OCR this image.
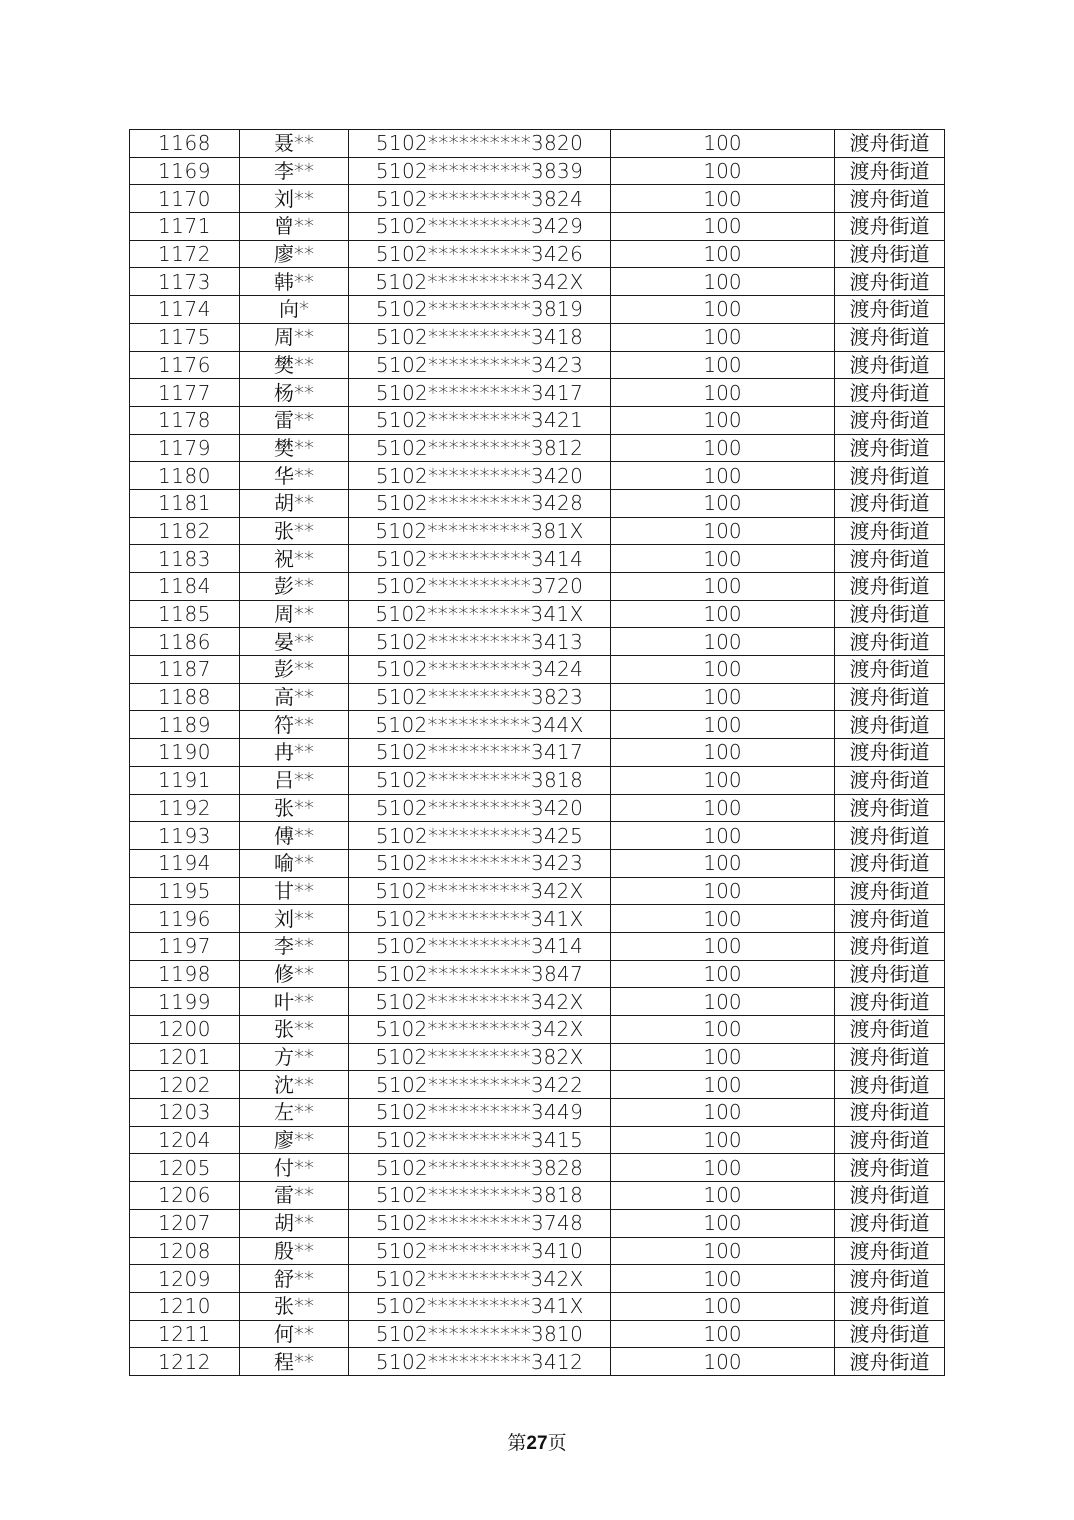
1168	聂**	5102**********3820	100	渡舟街道
1169	李**	5102**********3839	100	渡舟街道
1170	刘**	5102**********3824	100	渡舟街道
1171	曾**	5102**********3429	100	渡舟街道
1172	廖**	5102**********3426	100	渡舟街道
1173	韩**	5102**********342X	100	渡舟街道
1174	向*	5102**********3819	100	渡舟街道
1175	周**	5102**********3418	100	渡舟街道
1176	樊**	5102**********3423	100	渡舟街道
1177	杨**	5102**********3417	100	渡舟街道
1178	雷**	5102**********3421	100	渡舟街道
1179	樊**	5102**********3812	100	渡舟街道
1180	华**	5102**********3420	100	渡舟街道
1181	胡**	5102**********3428	100	渡舟街道
1182	张**	5102**********381X	100	渡舟街道
1183	祝**	5102**********3414	100	渡舟街道
1184	彭**	5102**********3720	100	渡舟街道
1185	周**	5102**********341X	100	渡舟街道
1186	晏**	5102**********3413	100	渡舟街道
1187	彭**	5102**********3424	100	渡舟街道
1188	高**	5102**********3823	100	渡舟街道
1189	符**	5102**********344X	100	渡舟街道
1190	冉**	5102**********3417	100	渡舟街道
1191	吕**	5102**********3818	100	渡舟街道
1192	张**	5102**********3420	100	渡舟街道
1193	傅**	5102**********3425	100	渡舟街道
1194	喻**	5102**********3423	100	渡舟街道
1195	甘**	5102**********342X	100	渡舟街道
1196	刘**	5102**********341X	100	渡舟街道
1197	李**	5102**********3414	100	渡舟街道
1198	修**	5102**********3847	100	渡舟街道
1199	叶**	5102**********342X	100	渡舟街道
1200	张**	5102**********342X	100	渡舟街道
1201	方**	5102**********382X	100	渡舟街道
1202	沈**	5102**********3422	100	渡舟街道
1203	左**	5102**********3449	100	渡舟街道
1204	廖**	5102**********3415	100	渡舟街道
1205	付**	5102**********3828	100	渡舟街道
1206	雷**	5102**********3818	100	渡舟街道
1207	胡**	5102**********3748	100	渡舟街道
1208	殷**	5102**********3410	100	渡舟街道
1209	舒**	5102**********342X	100	渡舟街道
1210	张**	5102**********341X	100	渡舟街道
1211	何**	5102**********3810	100	渡舟街道
1212	程**	5102**********3412	100	渡舟街道
第27页
